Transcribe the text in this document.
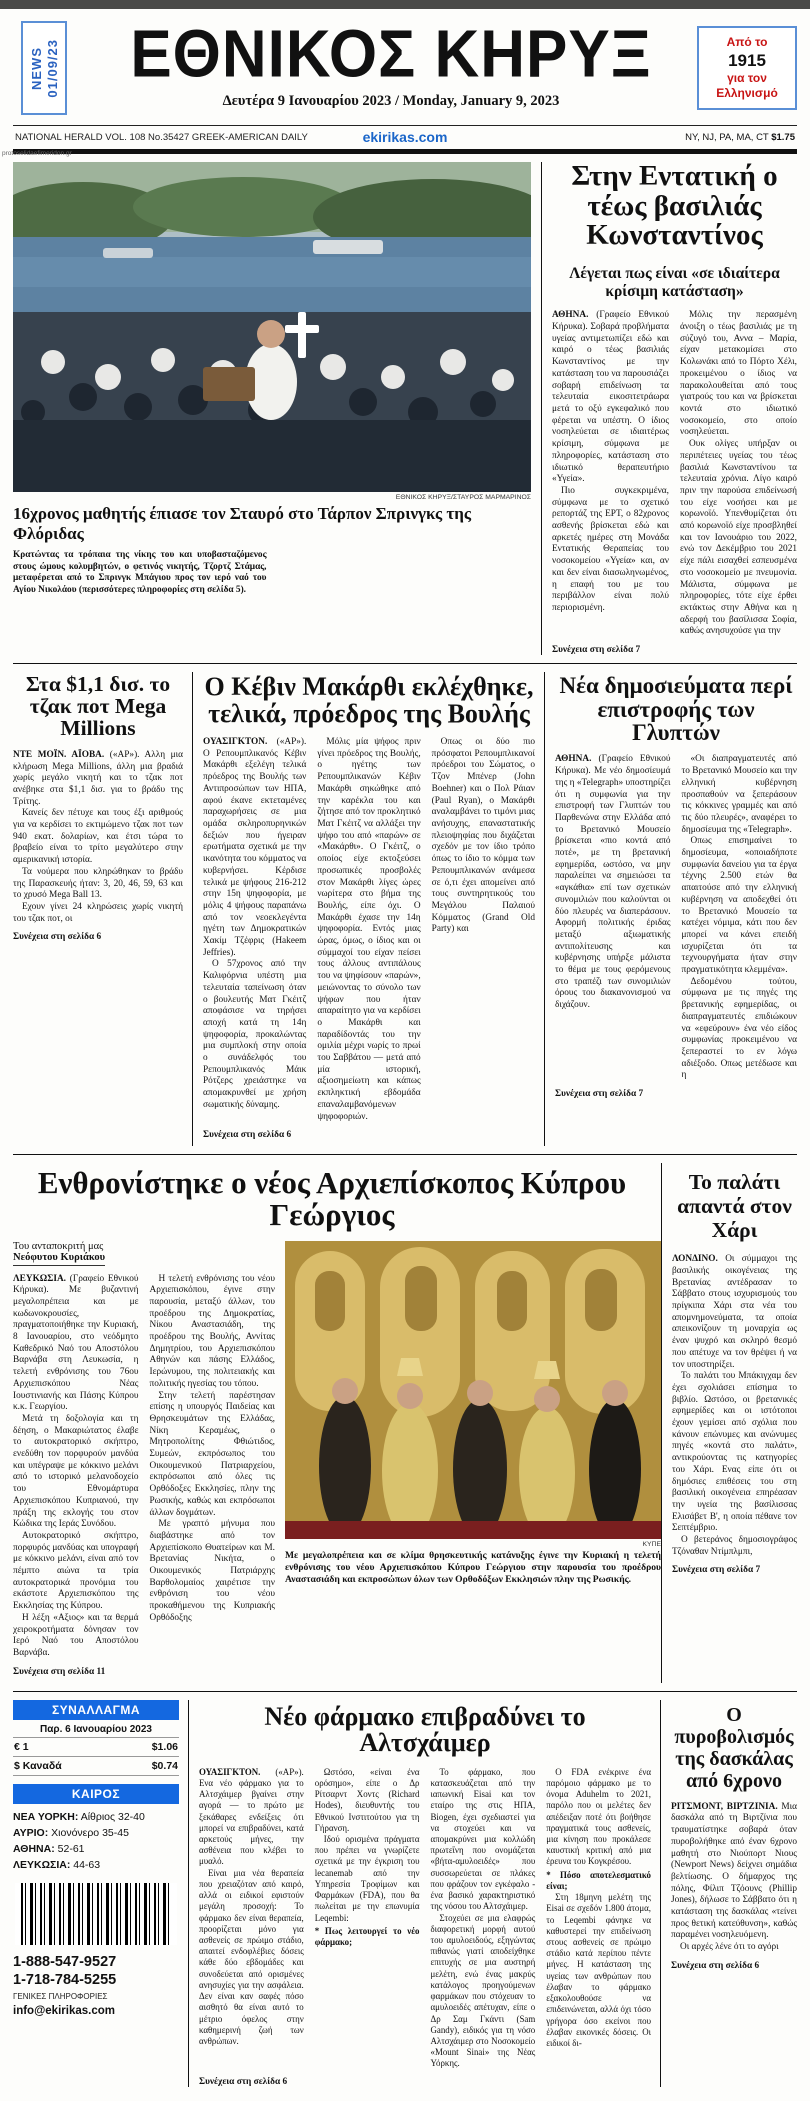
NEWS 01/09/23	ΕΘΝΙΚΟΣ ΚΗΡΥΞ
Δευτέρα 9 Ιανουαρίου 2023 / Monday, January 9, 2023
Από το
1915
για τον
Ελληνισμό
NATIONAL HERALD VOL. 108 No.35427 GREEK-AMERICAN DAILY	ekirikas.com	NY, NJ, PA, MA, CT $1.75
protoselidaefimeridon.gr
ΕΘΝΙΚΟΣ ΚΗΡΥΞ/ΣΤΑΥΡΟΣ ΜΑΡΜΑΡΙΝΟΣ
16χρονος μαθητής έπιασε τον Σταυρό στο Τάρπον Σπρινγκς της Φλόριδας

Κρατώντας τα τρόπαια της νίκης του και υποβασταζόμενος στους ώμους κολυμβητών, ο φετινός νικητής, Τζορτζ Στάμας, μεταφέρεται από το Σπρινγκ Μπάγιου προς τον ιερό ναό του Αγίου Νικολάου (περισσότερες πληροφορίες στη σελίδα 5).

Στην Εντατική ο τέως βασιλιάς Κωνσταντίνος
Λέγεται πως είναι «σε ιδιαίτερα κρίσιμη κατάσταση»

ΑΘΗΝΑ. (Γραφείο Εθνικού Κήρυκα). Σοβαρά προβλήματα υγείας αντιμετωπίζει εδώ και καιρό ο τέως βασιλιάς Κωνσταντίνος με την κατάσταση του να παρουσιάζει σοβαρή επιδείνωση τα τελευταία εικοσιτετράωρα μετά το οξύ εγκεφαλικό που φέρεται να υπέστη. Ο ίδιος νοσηλεύεται σε ιδιαιτέρως κρίσιμη, σύμφωνα με πληροφορίες, κατάσταση στο ιδιωτικό θεραπευτήριο «Υγεία».

Πιο συγκεκριμένα, σύμφωνα με το σχετικό ρεπορτάζ της ΕΡΤ, ο 82χρονος ασθενής βρίσκεται εδώ και αρκετές ημέρες στη Μονάδα Εντατικής Θεραπείας του νοσοκομείου «Υγεία» και, αν και δεν είναι διασωληνωμένος, η επαφή του με του περιβάλλον είναι πολύ περιορισμένη.

Μόλις την περασμένη άνοιξη ο τέως βασιλιάς με τη σύζυγό του, Αννα – Μαρία, είχαν μετακομίσει στο Κολωνάκι από το Πόρτο Χέλι, προκειμένου ο ίδιος να παρακολουθείται από τους γιατρούς του και να βρίσκεται κοντά στο ιδιωτικό νοσοκομείο, στο οποίο νοσηλεύεται.

Ουκ ολίγες υπήρξαν οι περιπέτειες υγείας του τέως βασιλιά Κωνσταντίνου τα τελευταία χρόνια. Λίγο καιρό πριν την παρούσα επιδείνωσή του είχε νοσήσει και με κορωνοϊό. Υπενθυμίζεται ότι από κορωνοϊό είχε προσβληθεί και τον Ιανουάριο του 2022, ενώ τον Δεκέμβριο του 2021 είχε πάλι εισαχθεί εσπευσμένα στο νοσοκομείο με πνευμονία. Μάλιστα, σύμφωνα με πληροφορίες, τότε είχε έρθει εκτάκτως στην Αθήνα και η αδερφή του βασίλισσα Σοφία, καθώς ανησυχούσε για την

Συνέχεια στη σελίδα 7
Στα $1,1 δισ. το τζακ ποτ Mega Millions

ΝΤΕ ΜΟΪΝ. ΑΪΟΒΑ. («ΑΡ»). Αλλη μια κλήρωση Mega Millions, άλλη μια βραδιά χωρίς μεγάλο νικητή και το τζακ ποτ ανέβηκε στα $1,1 δισ. για το βράδυ της Τρίτης.

Κανείς δεν πέτυχε και τους έξι αριθμούς για να κερδίσει το εκτιμώμενο τζακ ποτ των 940 εκατ. δολαρίων, και έτσι τώρα το βραβείο είναι το τρίτο μεγαλύτερο στην αμερικανική ιστορία.

Τα νούμερα που κληρώθηκαν το βράδυ της Παρασκευής ήταν: 3, 20, 46, 59, 63 και το χρυσό Mega Ball 13.

Εχουν γίνει 24 κληρώσεις χωρίς νικητή του τζακ ποτ, οι

Συνέχεια στη σελίδα 6
Ο Κέβιν Μακάρθι εκλέχθηκε, τελικά, πρόεδρος της Βουλής

ΟΥΑΣΙΓΚΤΟΝ. («ΑΡ»). Ο Ρεπουμπλικανός Κέβιν Μακάρθι εξελέγη τελικά πρόεδρος της Βουλής των Αντιπροσώπων των ΗΠΑ, αφού έκανε εκτεταμένες παραχωρήσεις σε μια ομάδα σκληροπυρηνικών δεξιών που ήγειραν ερωτήματα σχετικά με την ικανότητα του κόμματος να κυβερνήσει. Κέρδισε τελικά με ψήφους 216-212 στην 15η ψηφοφορία, με μόλις 4 ψήφους παραπάνω από τον νεοεκλεγέντα ηγέτη των Δημοκρατικών Χακίμ Τζέφρις (Hakeem Jeffries).

Ο 57χρονος από την Καλιφόρνια υπέστη μια τελευταία ταπείνωση όταν ο βουλευτής Ματ Γκέιτζ αποφάσισε να τηρήσει αποχή κατά τη 14η ψηφοφορία, προκαλώντας μια συμπλοκή στην οποία ο συνάδελφός του Ρεπουμπλικανός Μάικ Ρότζερς χρειάστηκε να απομακρυνθεί με χρήση σωματικής δύναμης.

Μόλις μία ψήφος πριν γίνει πρόεδρος της Βουλής, ο ηγέτης των Ρεπουμπλικανών Κέβιν Μακάρθι σηκώθηκε από την καρέκλα του και ζήτησε από τον προκλητικό Ματ Γκέιτζ να αλλάξει την ψήφο του από «παρών» σε «Μακάρθι». Ο Γκέιτζ, ο οποίος είχε εκτοξεύσει προσωπικές προσβολές στον Μακάρθι λίγες ώρες νωρίτερα στο βήμα της Βουλής, είπε όχι. Ο Μακάρθι έχασε την 14η ψηφοφορία. Εντός μιας ώρας, όμως, ο ίδιος και οι σύμμαχοί του είχαν πείσει τους άλλους αντιπάλους του να ψηφίσουν «παρών», μειώνοντας το σύνολο των ψήφων που ήταν απαραίτητο για να κερδίσει ο Μακάρθι και παραδίδοντάς του την ομιλία μέχρι νωρίς το πρωί του Σαββάτου — μετά από μία ιστορική, αξιοσημείωτη και κάπως εκπληκτική εβδομάδα επαναλαμβανόμενων ψηφοφοριών.

Οπως οι δύο πιο πρόσφατοι Ρεπουμπλικανοί πρόεδροι του Σώματος, ο Τζον Μπένερ (John Boehner) και ο Πολ Ράιαν (Paul Ryan), ο Μακάρθι αναλαμβάνει το τιμόνι μιας ανήσυχης, επαναστατικής πλειοψηφίας που διχάζεται σχεδόν με τον ίδιο τρόπο όπως το ίδιο το κόμμα των Ρεπουμπλικανών ανάμεσα σε ό,τι έχει απομείνει από τους συντηρητικούς του Μεγάλου Παλαιού Κόμματος (Grand Old Party) και

Συνέχεια στη σελίδα 6
Νέα δημοσιεύματα περί επιστροφής των Γλυπτών

ΑΘΗΝΑ. (Γραφείο Εθνικού Κήρυκα). Με νέο δημοσίευμά της η «Telegraph» υποστηρίζει ότι η συμφωνία για την επιστροφή των Γλυπτών του Παρθενώνα στην Ελλάδα από το Βρετανικό Μουσείο βρίσκεται «πιο κοντά από ποτέ», με τη βρετανική εφημερίδα, ωστόσο, να μην παραλείπει να σημειώσει τα «αγκάθια» επί των σχετικών συνομιλιών που καλούνται οι δύο πλευρές να διαπεράσουν. Αφορμή πολιτικής έριδας μεταξύ αξιωματικής αντιπολίτευσης και κυβέρνησης υπήρξε μάλιστα το θέμα με τους φερόμενους στο τραπέζι των συνομιλιών όρους του διακανονισμού να διχάζουν.

«Οι διαπραγματευτές από το Βρετανικό Μουσείο και την ελληνική κυβέρνηση προσπαθούν να ξεπεράσουν τις κόκκινες γραμμές και από τις δύο πλευρές», αναφέρει το δημοσίευμα της «Telegraph».

Οπως επισημαίνει το δημοσίευμα, «οποιαδήποτε συμφωνία δανείου για τα έργα τέχνης 2.500 ετών θα απαιτούσε από την ελληνική κυβέρνηση να αποδεχθεί ότι το Βρετανικό Μουσείο τα κατέχει νόμιμα, κάτι που δεν μπορεί να κάνει επειδή ισχυρίζεται ότι τα τεχνουργήματα ήταν στην πραγματικότητα κλεμμένα».

Δεδομένου τούτου, σύμφωνα με τις πηγές της βρετανικής εφημερίδας, οι διαπραγματευτές επιδιώκουν να «εφεύρουν» ένα νέο είδος συμφωνίας προκειμένου να ξεπεραστεί το εν λόγω αδιέξοδο. Οπως μετέδωσε και η

Συνέχεια στη σελίδα 7
Ενθρονίστηκε ο νέος Αρχιεπίσκοπος Κύπρου Γεώργιος
Του ανταποκριτή μας
Νεόφυτου Κυριάκου

ΛΕΥΚΩΣΙΑ. (Γραφείο Εθνικού Κήρυκα). Με βυζαντινή μεγαλοπρέπεια και με κωδωνοκρουσίες, πραγματοποιήθηκε την Κυριακή, 8 Ιανουαρίου, στο νεόδμητο Καθεδρικό Ναό του Αποστόλου Βαρνάβα στη Λευκωσία, η τελετή ενθρόνισης του 76ου Αρχιεπισκόπου Νέας Ιουστινιανής και Πάσης Κύπρου κ.κ. Γεωργίου.

Μετά τη δοξολογία και τη δέηση, ο Μακαριώτατος έλαβε το αυτοκρατορικό σκήπτρο, ενεδύθη τον πορφυρούν μανδύα και υπέγραψε με κόκκινο μελάνι από το ιστορικό μελανοδοχείο του Εθνομάρτυρα Αρχιεπισκόπου Κυπριανού, την πράξη της εκλογής του στον Κώδικα της Ιεράς Συνόδου.

Αυτοκρατορικό σκήπτρο, πορφυρός μανδύας και υπογραφή με κόκκινο μελάνι, είναι από τον πέμπτο αιώνα τα τρία αυτοκρατορικά προνόμια του εκάστοτε Αρχιεπισκόπου της Εκκλησίας της Κύπρου.

Η λέξη «Αξιος» και τα θερμά χειροκροτήματα δόνησαν τον Ιερό Ναό του Αποστόλου Βαρνάβα.

Η τελετή ενθρόνισης του νέου Αρχιεπισκόπου, έγινε στην παρουσία, μεταξύ άλλων, του προέδρου της Δημοκρατίας, Νίκου Αναστασιάδη, της προέδρου της Βουλής, Αννίτας Δημητρίου, του Αρχιεπισκόπου Αθηνών και πάσης Ελλάδος, Ιερώνυμου, της πολιτειακής και πολιτικής ηγεσίας του τόπου.

Στην τελετή παρέστησαν επίσης η υπουργός Παιδείας και Θρησκευμάτων της Ελλάδας, Νίκη Κεραμέως, ο Μητροπολίτης Φθιώτιδος, Συμεών, εκπρόσωπος του Οικουμενικού Πατριαρχείου, εκπρόσωποι από όλες τις Ορθόδοξες Εκκλησίες, πλην της Ρωσικής, καθώς και εκπρόσωποι άλλων δογμάτων.

Με γραπτό μήνυμα που διαβάστηκε από τον Αρχιεπίσκοπο Θυατείρων και Μ. Βρετανίας Νικήτα, ο Οικουμενικός Πατριάρχης Βαρθολομαίος χαιρέτισε την ενθρόνιση του νέου προκαθήμενου της Κυπριακής Ορθόδοξης

Συνέχεια στη σελίδα 11
ΚΥΠΕ
Με μεγαλοπρέπεια και σε κλίμα θρησκευτικής κατάνυξης έγινε την Κυριακή η τελετή ενθρόνισης του νέου Αρχιεπισκόπου Κύπρου Γεώργιου στην παρουσία του προέδρου Αναστασιάδη και εκπροσώπων όλων των Ορθοδόξων Εκκλησιών πλην της Ρωσικής.
Το παλάτι απαντά στον Χάρι

ΛΟΝΔΙΝΟ. Οι σύμμαχοι της βασιλικής οικογένειας της Βρετανίας αντέδρασαν το Σάββατο στους ισχυρισμούς του πρίγκιπα Χάρι στα νέα του απομνημονεύματα, τα οποία απεικονίζουν τη μοναρχία ως έναν ψυχρό και σκληρό θεσμό που απέτυχε να τον θρέψει ή να τον υποστηρίξει.

Το παλάτι του Μπάκιγχαμ δεν έχει σχολιάσει επίσημα το βιβλίο. Ωστόσο, οι βρετανικές εφημερίδες και οι ιστότοποι έχουν γεμίσει από σχόλια που κάνουν επώνυμες και ανώνυμες πηγές «κοντά στο παλάτι», αντικρούοντας τις κατηγορίες του Χάρι. Ενας είπε ότι οι δημόσιες επιθέσεις του στη βασιλική οικογένεια επηρέασαν την υγεία της βασίλισσας Ελισάβετ Β', η οποία πέθανε τον Σεπτέμβριο.

Ο βετεράνος δημοσιογράφος Τζόναθαν Ντίμπλμπι,

Συνέχεια στη σελίδα 7
ΣΥΝΑΛΛΑΓΜΑ
Παρ. 6 Ιανουαρίου 2023
€ 1	$1.06
$ Καναδά	$0.74
ΚΑΙΡΟΣ
ΝΕΑ ΥΟΡΚΗ: Αίθριος 32-40
ΑΥΡΙΟ: Χιονόνερο 35-45
ΑΘΗΝΑ: 52-61
ΛΕΥΚΩΣΙΑ: 44-63
1-888-547-9527
1-718-784-5255
ΓΕΝΙΚΕΣ ΠΛΗΡΟΦΟΡΙΕΣ
info@ekirikas.com
Νέο φάρμακο επιβραδύνει το Αλτσχάιμερ

ΟΥΑΣΙΓΚΤΟΝ. («ΑΡ»). Ενα νέο φάρμακο για το Αλτσχάιμερ βγαίνει στην αγορά — το πρώτο με ξεκάθαρες ενδείξεις ότι μπορεί να επιβραδύνει, κατά αρκετούς μήνες, την ασθένεια που κλέβει το μυαλό.

Είναι μια νέα θεραπεία που χρειαζόταν από καιρό, αλλά οι ειδικοί εφιστούν μεγάλη προσοχή: Το φάρμακο δεν είναι θεραπεία, προορίζεται μόνο για ασθενείς σε πρώιμο στάδιο, απαιτεί ενδοφλέβιες δόσεις κάθε δύο εβδομάδες και συνοδεύεται από ορισμένες ανησυχίες για την ασφάλεια. Δεν είναι καν σαφές πόσο αισθητό θα είναι αυτό το μέτριο όφελος στην καθημερινή ζωή των ανθρώπων.

Ωστόσο, «είναι ένα ορόσημο», είπε ο Δρ Ρίτσαρντ Χοντς (Richard Hodes), διευθυντής του Εθνικού Ινστιτούτου για τη Γήρανση.

Ιδού ορισμένα πράγματα που πρέπει να γνωρίζετε σχετικά με την έγκριση του lecanemab από την Υπηρεσία Τροφίμων και Φαρμάκων (FDA), που θα πωλείται με την επωνυμία Leqembi:

* Πως λειτουργεί το νέο φάρμακο;

Το φάρμακο, που κατασκευάζεται από την ιαπωνική Eisai και τον εταίρο της στις ΗΠΑ, Biogen, έχει σχεδιαστεί για να στοχεύει και να απομακρύνει μια κολλώδη πρωτεΐνη που ονομάζεται «βήτα-αμυλοειδές» που συσσωρεύεται σε πλάκες που φράζουν τον εγκέφαλο - ένα βασικό χαρακτηριστικό της νόσου του Αλτσχάιμερ.

Στοχεύει σε μια ελαφρώς διαφορετική μορφή αυτού του αμυλοειδούς, εξηγώντας πιθανώς γιατί αποδείχθηκε επιτυχής σε μια αυστηρή μελέτη, ενώ ένας μακρύς κατάλογος προηγούμενων φαρμάκων που στόχευαν το αμυλοειδές απέτυχαν, είπε ο Δρ Σαμ Γκάντι (Sam Gandy), ειδικός για τη νόσο Αλτσχάιμερ στο Νοσοκομείο «Mount Sinai» της Νέας Υόρκης.

Ο FDA ενέκρινε ένα παρόμοιο φάρμακο με το όνομα Aduhelm το 2021, παρόλο που οι μελέτες δεν απέδειξαν ποτέ ότι βοήθησε πραγματικά τους ασθενείς, μια κίνηση που προκάλεσε καυστική κριτική από μια έρευνα του Κογκρέσου.

* Πόσο αποτελεσματικό είναι;

Στη 18μηνη μελέτη της Eisai σε σχεδόν 1.800 άτομα, το Leqembi φάνηκε να καθυστερεί την επιδείνωση στους ασθενείς σε πρώιμο στάδιο κατά περίπου πέντε μήνες. Η κατάσταση της υγείας των ανθρώπων που έλαβαν το φάρμακο εξακολουθούσε να επιδεινώνεται, αλλά όχι τόσο γρήγορα όσο εκείνοι που έλαβαν εικονικές δόσεις. Οι ειδικοί δι-

Συνέχεια στη σελίδα 6
Ο πυροβολισμός της δασκάλας από 6χρονο

ΡΙΤΣΜΟΝΤ, ΒΙΡΤΖΙΝΙΑ. Μια δασκάλα από τη Βιρτζίνια που τραυματίστηκε σοβαρά όταν πυροβολήθηκε από έναν 6χρονο μαθητή στο Νιούπορτ Νιους (Newport News) δείχνει σημάδια βελτίωσης. Ο δήμαρχος της πόλης, Φίλιπ Τζόουνς (Phillip Jones), δήλωσε το Σάββατο ότι η κατάσταση της δασκάλας «τείνει προς θετική κατεύθυνση», καθώς παραμένει νοσηλευόμενη.

Οι αρχές λένε ότι το αγόρι

Συνέχεια στη σελίδα 6
